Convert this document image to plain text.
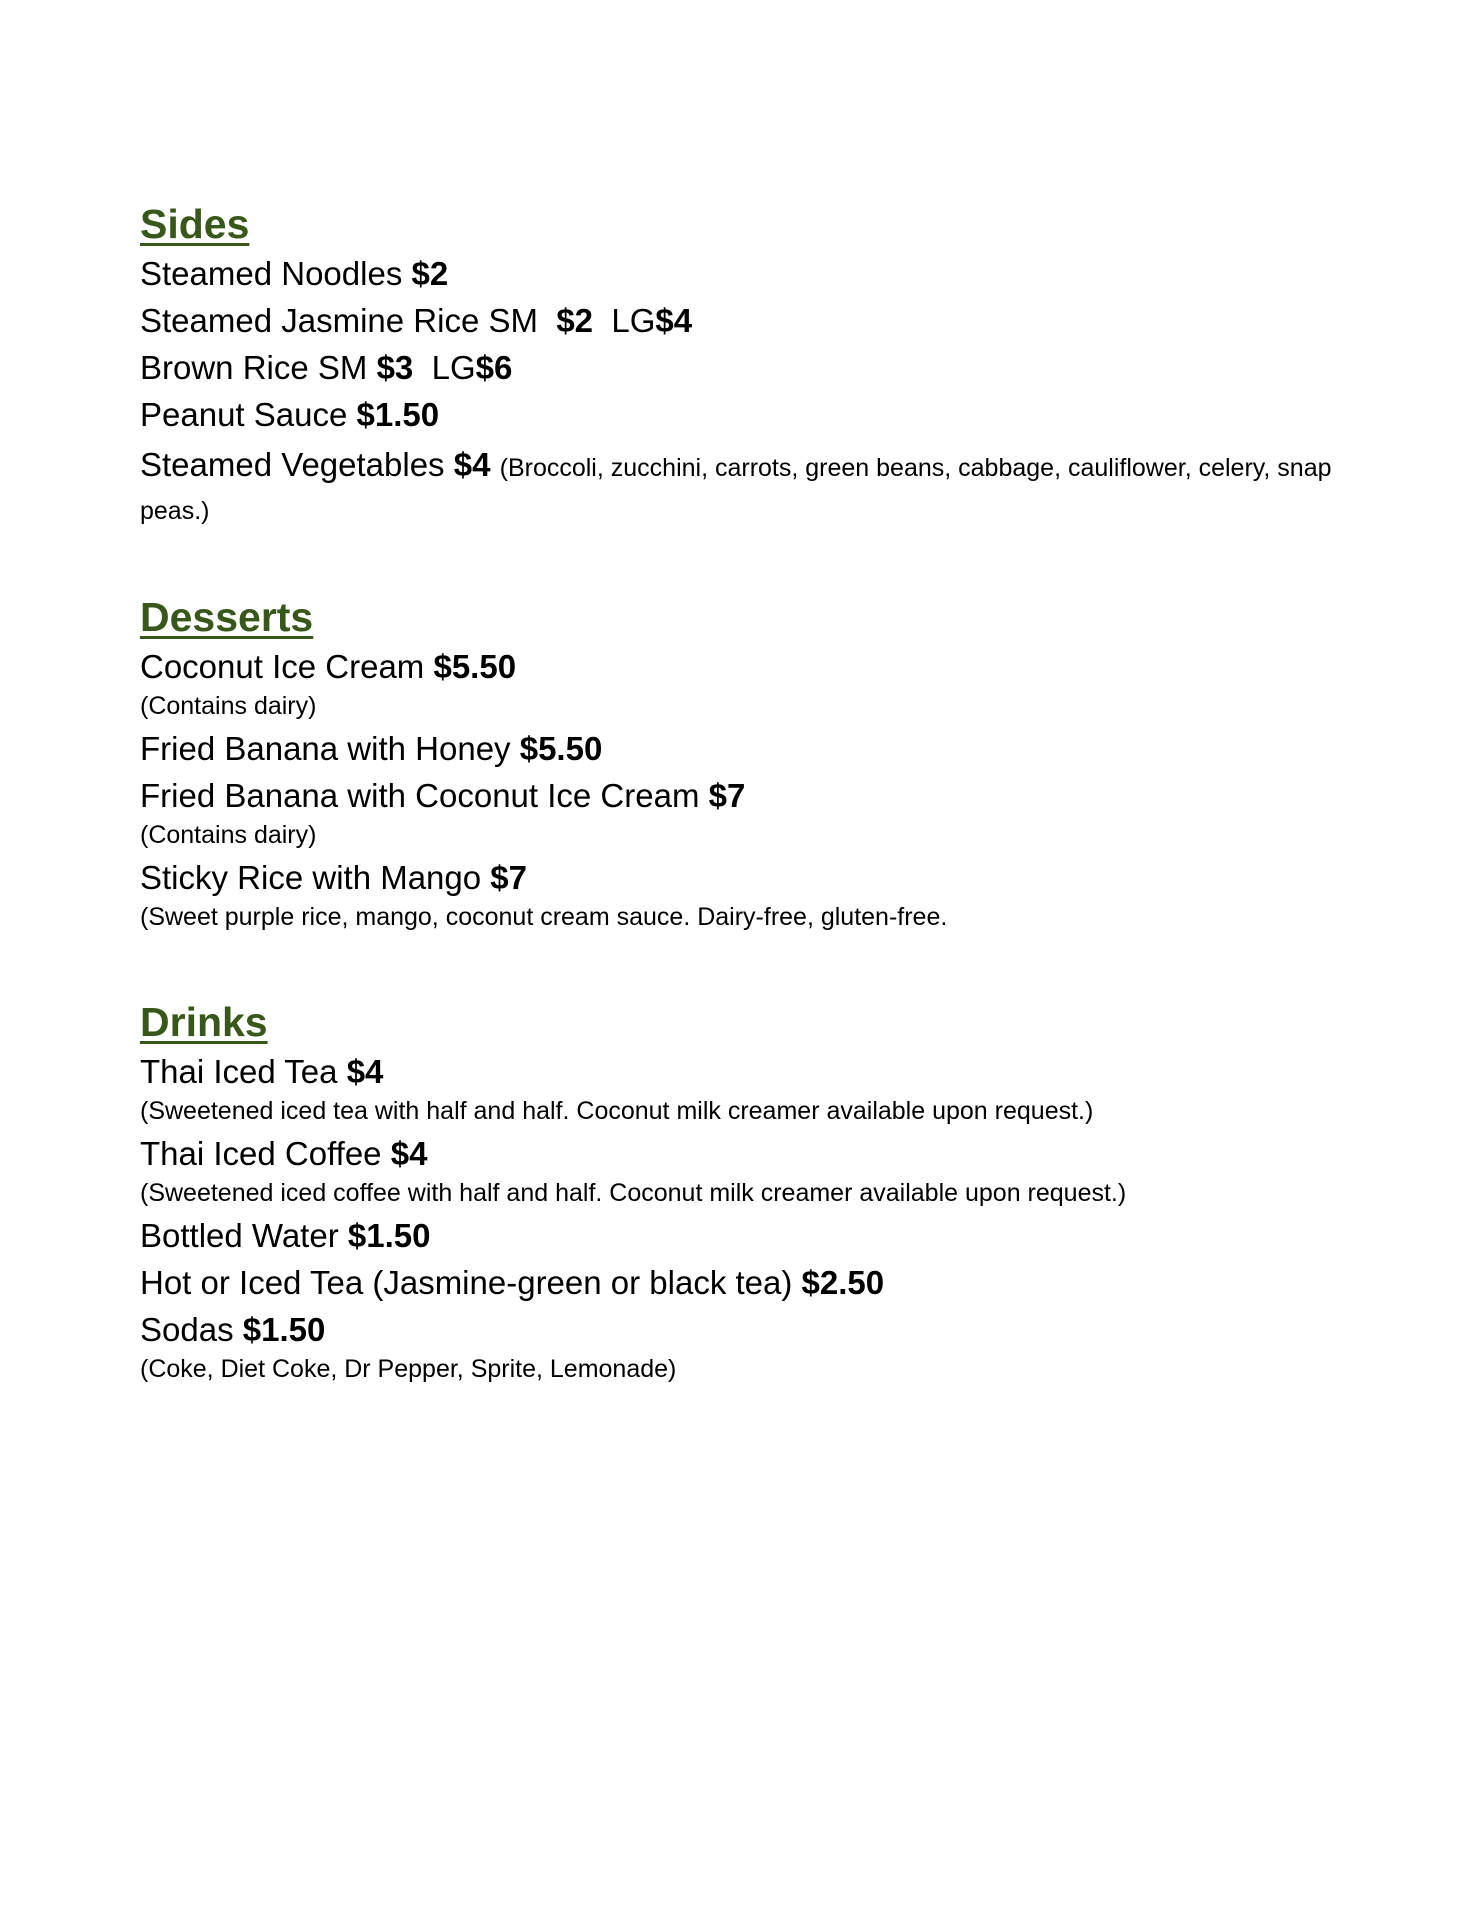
Sides
Steamed Noodles $2
Steamed Jasmine Rice SM $2 LG$4
Brown Rice SM $3 LG$6
Peanut Sauce $1.50
Steamed Vegetables $4 (Broccoli, zucchini, carrots, green beans, cabbage, cauliflower, celery, snap peas.)
Desserts
Coconut Ice Cream $5.50
(Contains dairy)
Fried Banana with Honey $5.50
Fried Banana with Coconut Ice Cream $7
(Contains dairy)
Sticky Rice with Mango $7
(Sweet purple rice, mango, coconut cream sauce. Dairy-free, gluten-free.
Drinks
Thai Iced Tea $4
(Sweetened iced tea with half and half. Coconut milk creamer available upon request.)
Thai Iced Coffee $4
(Sweetened iced coffee with half and half. Coconut milk creamer available upon request.)
Bottled Water $1.50
Hot or Iced Tea (Jasmine-green or black tea) $2.50
Sodas $1.50
(Coke, Diet Coke, Dr Pepper, Sprite, Lemonade)
